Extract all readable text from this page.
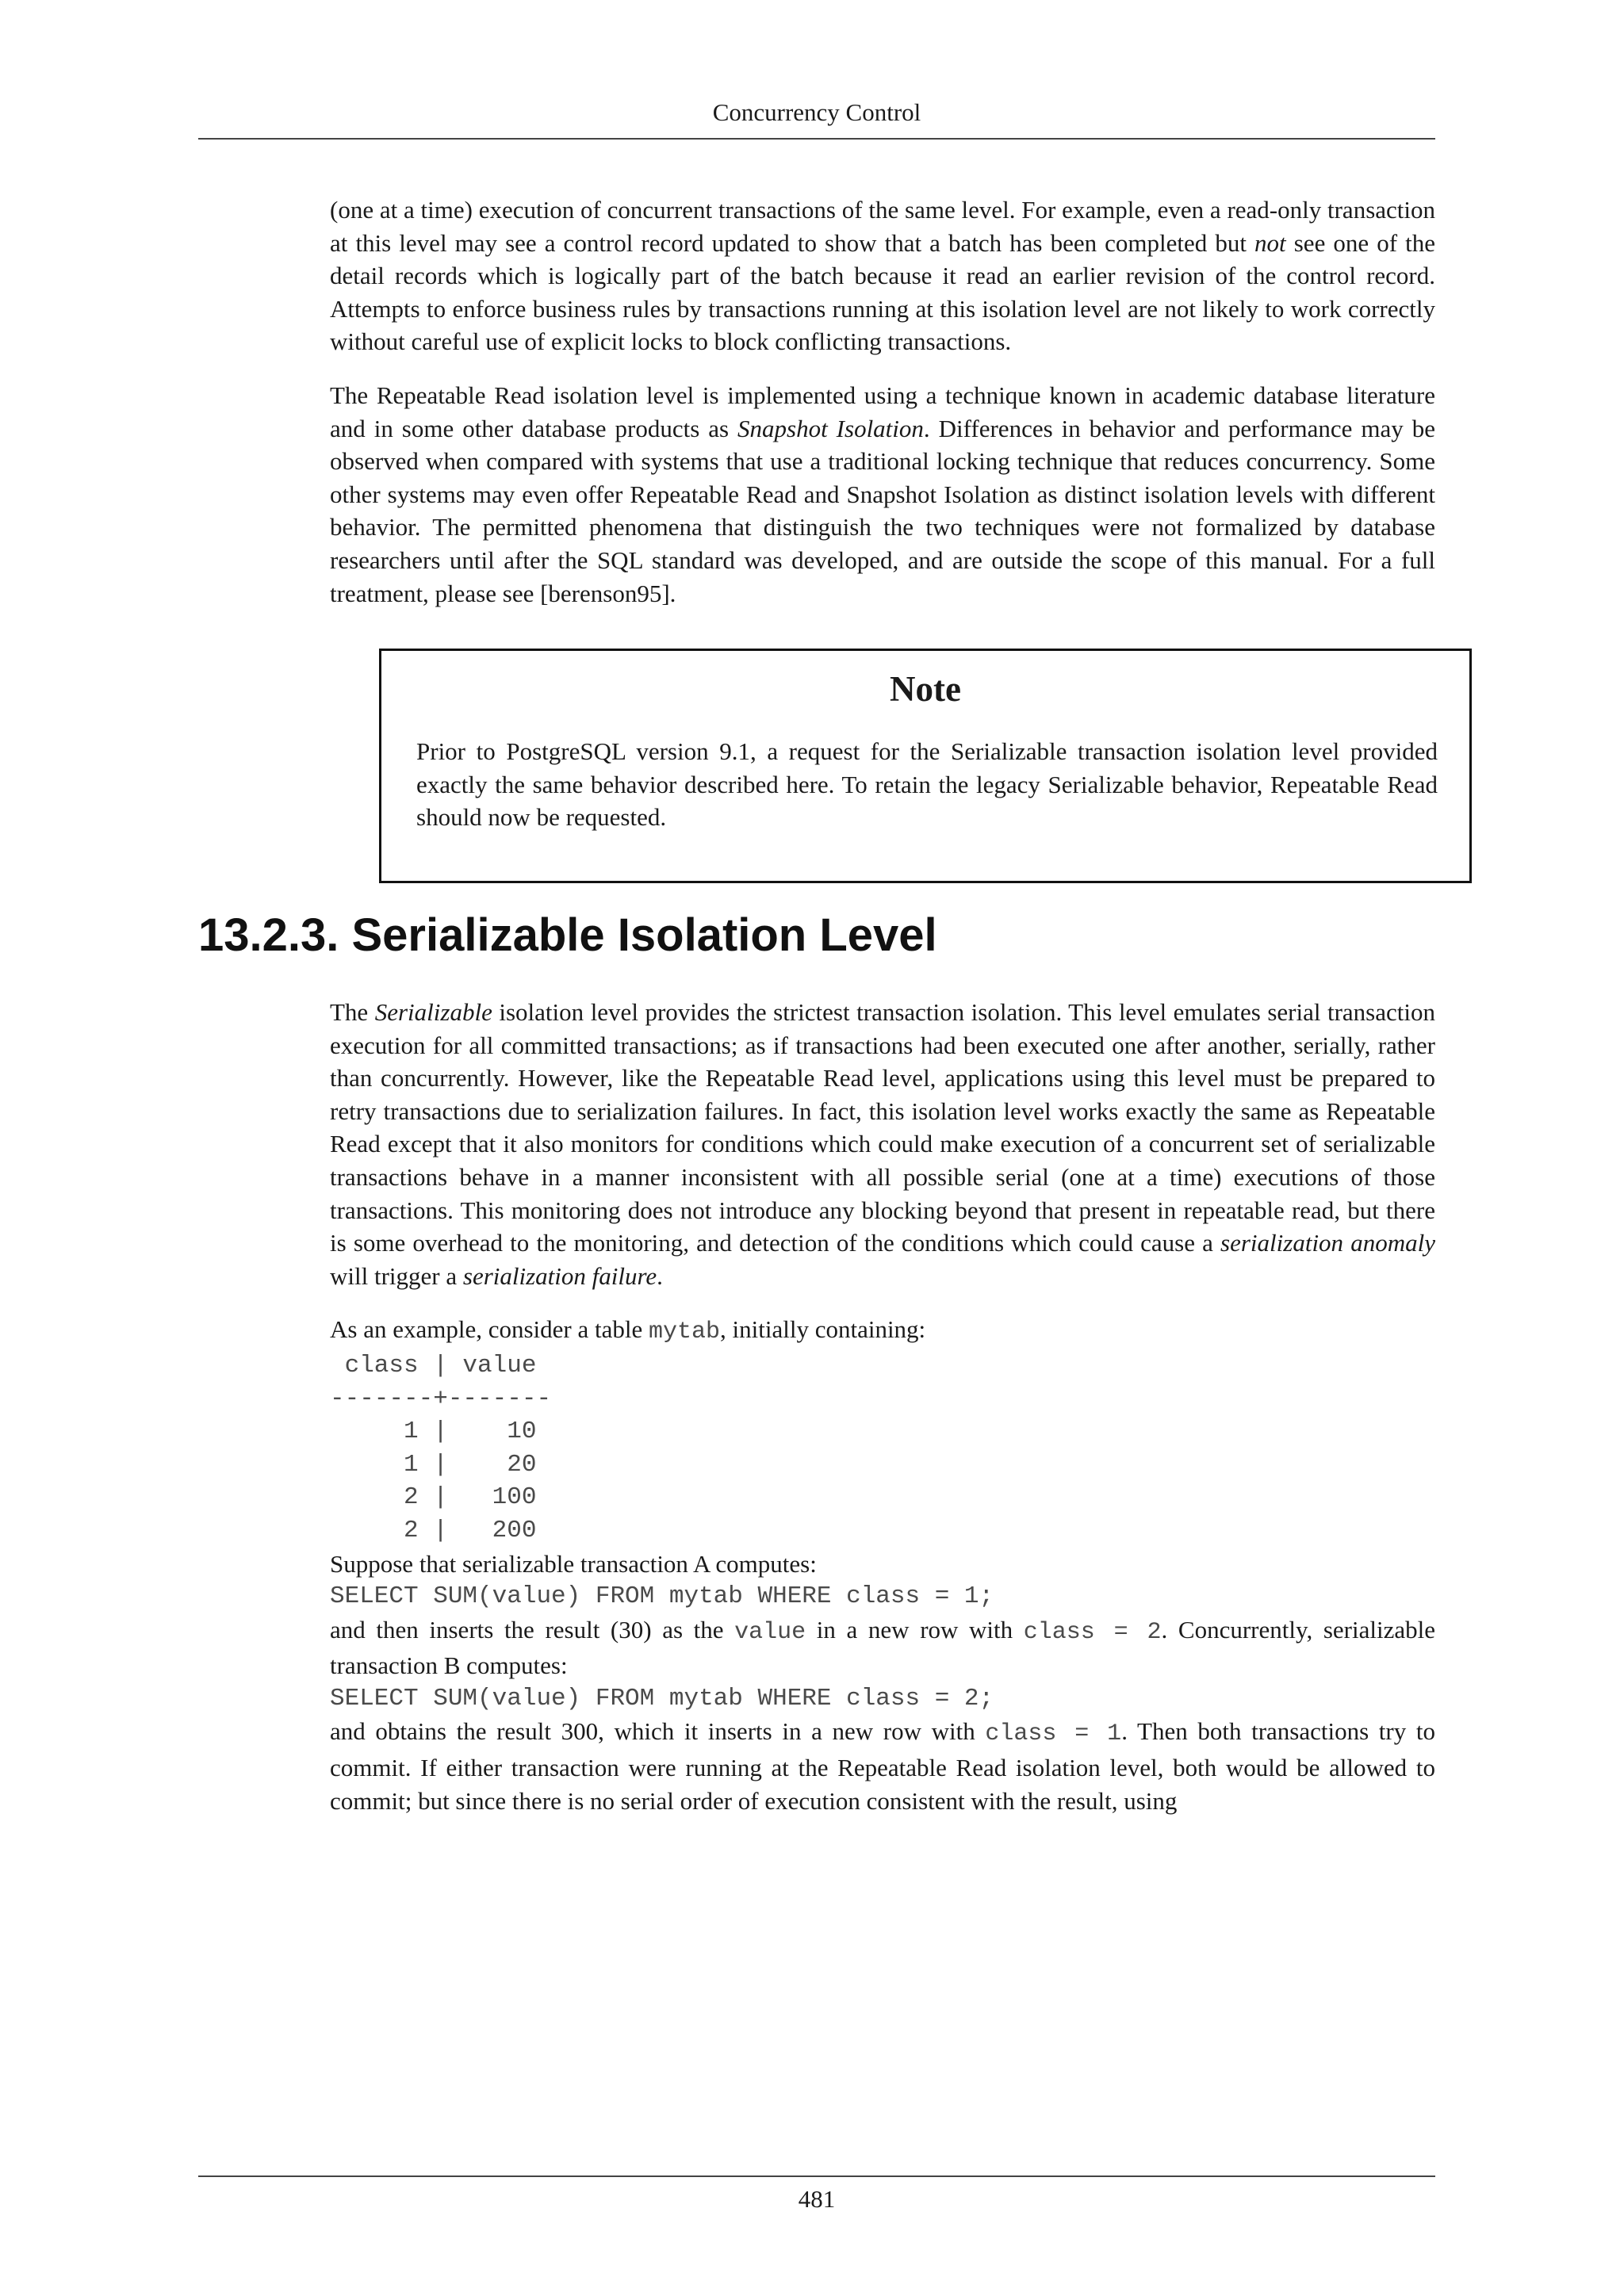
Concurrency Control

(one at a time) execution of concurrent transactions of the same level. For example, even a read-only transaction at this level may see a control record updated to show that a batch has been completed but not see one of the detail records which is logically part of the batch because it read an earlier revision of the control record. Attempts to enforce business rules by transactions running at this isolation level are not likely to work correctly without careful use of explicit locks to block conflicting transactions.

The Repeatable Read isolation level is implemented using a technique known in academic database literature and in some other database products as Snapshot Isolation. Differences in behavior and performance may be observed when compared with systems that use a traditional locking technique that reduces concurrency. Some other systems may even offer Repeatable Read and Snapshot Isolation as distinct isolation levels with different behavior. The permitted phenomena that distinguish the two techniques were not formalized by database researchers until after the SQL standard was developed, and are outside the scope of this manual. For a full treatment, please see [berenson95].

Note

Prior to PostgreSQL version 9.1, a request for the Serializable transaction isolation level provided exactly the same behavior described here. To retain the legacy Serializable behavior, Repeatable Read should now be requested.

13.2.3. Serializable Isolation Level

The Serializable isolation level provides the strictest transaction isolation. This level emulates serial transaction execution for all committed transactions; as if transactions had been executed one after another, serially, rather than concurrently. However, like the Repeatable Read level, applications using this level must be prepared to retry transactions due to serialization failures. In fact, this isolation level works exactly the same as Repeatable Read except that it also monitors for conditions which could make execution of a concurrent set of serializable transactions behave in a manner inconsistent with all possible serial (one at a time) executions of those transactions. This monitoring does not introduce any blocking beyond that present in repeatable read, but there is some overhead to the monitoring, and detection of the conditions which could cause a serialization anomaly will trigger a serialization failure.

As an example, consider a table mytab, initially containing:

class | value
-------+-------
1 |    10
1 |    20
2 |   100
2 |   200

Suppose that serializable transaction A computes:

SELECT SUM(value) FROM mytab WHERE class = 1;

and then inserts the result (30) as the value in a new row with class = 2. Concurrently, serializable transaction B computes:

SELECT SUM(value) FROM mytab WHERE class = 2;

and obtains the result 300, which it inserts in a new row with class = 1. Then both transactions try to commit. If either transaction were running at the Repeatable Read isolation level, both would be allowed to commit; but since there is no serial order of execution consistent with the result, using

481
